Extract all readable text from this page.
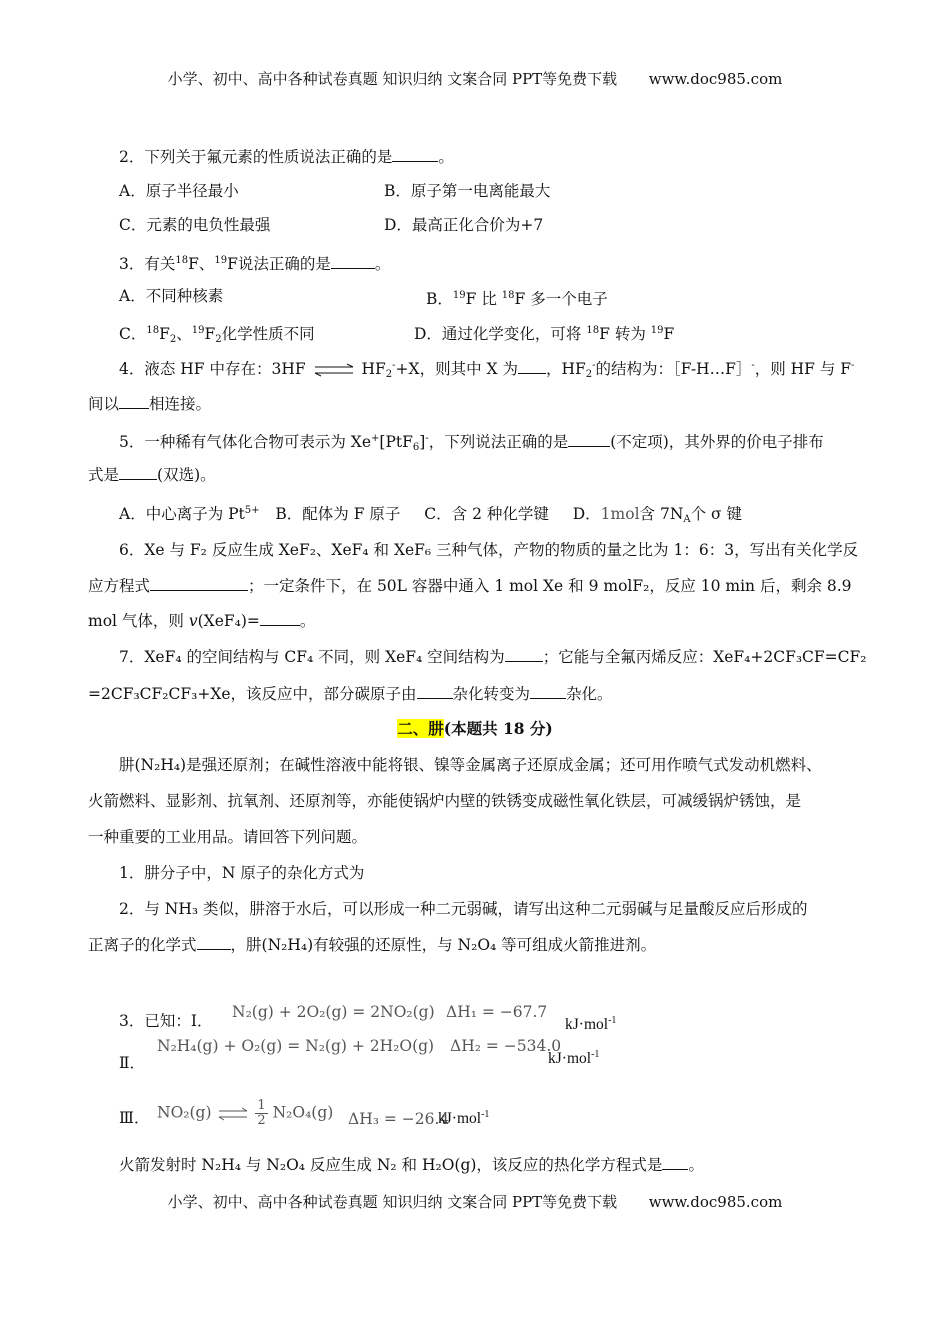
小学、初中、高中各种试卷真题 知识归纳 文案合同 PPT等免费下载 www.doc985.com
2．下列关于氟元素的性质说法正确的是	。
A．原子半径最小	B．原子第一电离能最大
C．元素的电负性最强	D．最高正化合价为+7
3．有关$^{18}$F、$^{19}$F说法正确的是	。
A．不同种核素	B．$^{19}$F 比 $^{18}$F 多一个电子
C．$^{18}F_2$、$^{19}F_2$化学性质不同	D．通过化学变化，可将 $^{18}$F 转为 $^{19}$F
4．液态 HF 中存在：3HF ⇌ $HF_2^-+X$，则其中 X 为 ，$HF_2^-$的结构为：［F-H…F］-，则 HF 与 F-
间以 相连接。
5．一种稀有气体化合物可表示为 Xe+[PtF$_6$]-，下列说法正确的是	(不定项)，其外界的价电子排布
式是 (双选)。
A．中心离子为 $Pt^{5+}$ B．配体为 F 原子 C．含 2 种化学键 D．1mol含 $7N_A$个 σ 键
6．Xe 与 F₂ 反应生成 XeF₂、XeF₄ 和 XeF₆ 三种气体，产物的物质的量之比为 1：6：3，写出有关化学反
应方程式	；一定条件下，在 50L 容器中通入 1 mol Xe 和 9 molF₂，反应 10 min 后，剩余 8.9
mol 气体，则 v(XeF₄)=	。
7．XeF₄ 的空间结构与 CF₄ 不同，则 XeF₄ 空间结构为 ；它能与全氟丙烯反应：XeF₄+2CF₃CF=CF₂
=2CF₃CF₂CF₃+Xe，该反应中，部分碳原子由 杂化转变为 杂化。
二、肼(本题共 18 分)
肼(N₂H₄)是强还原剂；在碱性溶液中能将银、镍等金属离子还原成金属；还可用作喷气式发动机燃料、
火箭燃料、显影剂、抗氧剂、还原剂等，亦能使锅炉内壁的铁锈变成磁性氧化铁层，可减缓锅炉锈蚀，是
一种重要的工业用品。请回答下列问题。
1．肼分子中，N 原子的杂化方式为
2．与 NH₃ 类似，肼溶于水后，可以形成一种二元弱碱，请写出这种二元弱碱与足量酸反应后形成的
正离子的化学式 ，肼(N₂H₄)有较强的还原性，与 N₂O₄ 等可组成火箭推进剂。
3．已知：Ⅰ． N₂(g) + 2O₂(g) = 2NO₂(g) ΔH₁ = −67.7
kJ·mol$^{-1}$
Ⅱ．
N₂H₄(g) + O₂(g) = N₂(g) + 2H₂O(g) ΔH₂ = −534.0
kJ·mol$^{-1}$
Ⅲ． NO₂(g) ⇌ $\frac{1}{2} N_2O_4(g) \Delta H_3 = -26.4$
kJ·mol$^{-1}$
火箭发射时 N₂H₄ 与 N₂O₄ 反应生成 N₂ 和 H₂O(g)，该反应的热化学方程式是 。
小学、初中、高中各种试卷真题 知识归纳 文案合同 PPT等免费下载 www.doc985.com
